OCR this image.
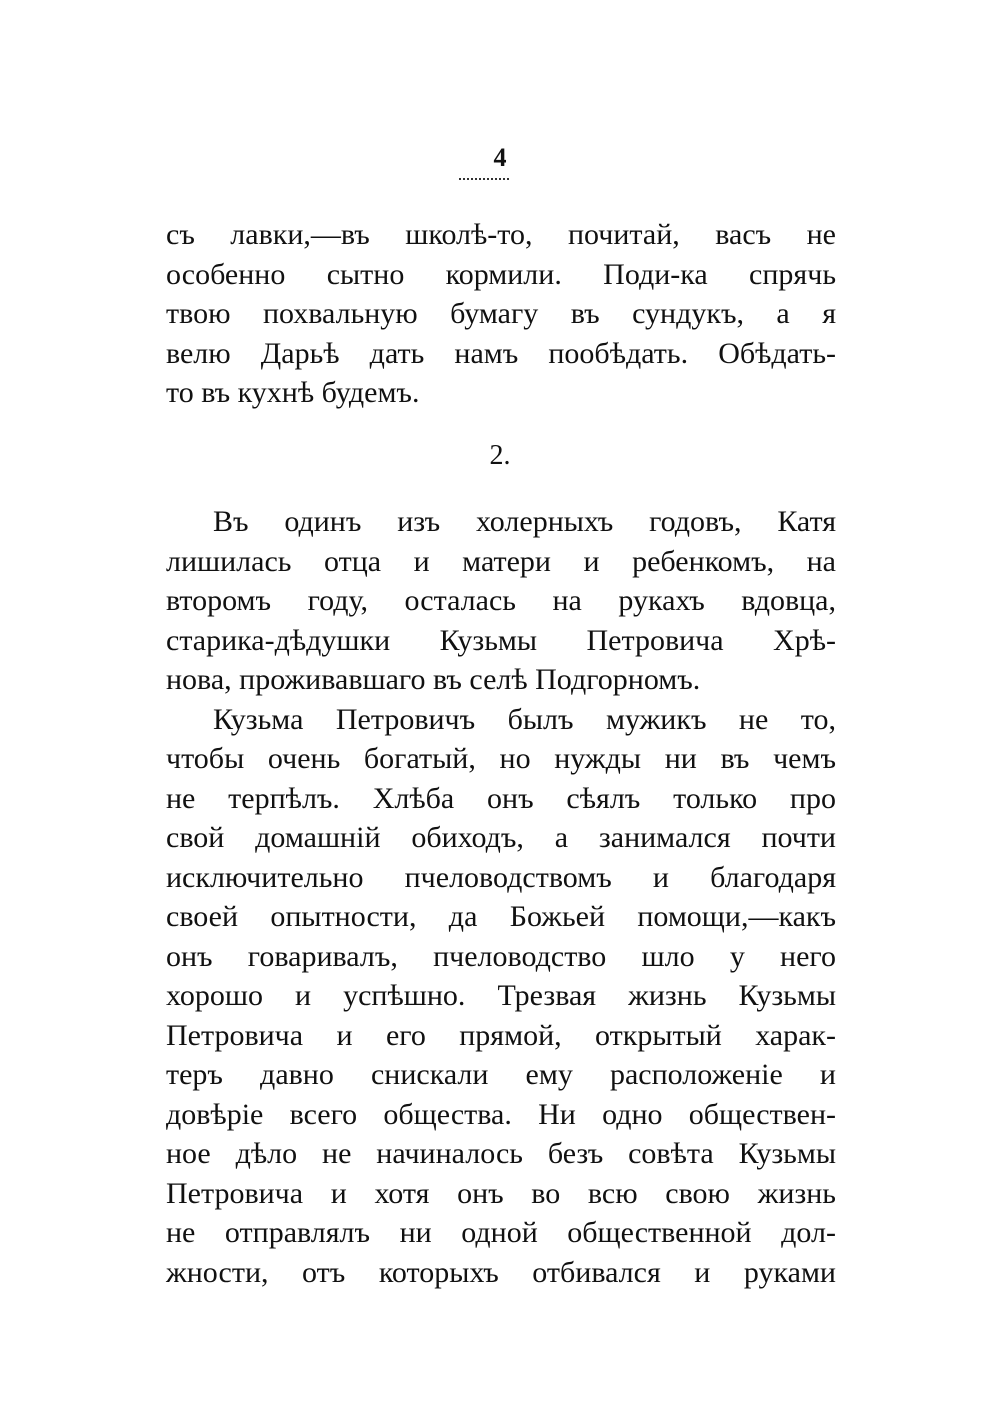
4
съ лавки,—въ школѣ-то, почитай, васъ не
особенно сытно кормили. Поди-ка спрячь
твою похвальную бумагу въ сундукъ, а я
велю Дарьѣ дать намъ пообѣдать. Обѣдать-
то въ кухнѣ будемъ.
2.
Въ одинъ изъ холерныхъ годовъ, Катя
лишилась отца и матери и ребенкомъ, на
второмъ году, осталась на рукахъ вдовца,
старика-дѣдушки Кузьмы Петровича Хрѣ-
нова, проживавшаго въ селѣ Подгорномъ.
Кузьма Петровичъ былъ мужикъ не то,
чтобы очень богатый, но нужды ни въ чемъ
не терпѣлъ. Хлѣба онъ сѣялъ только про
свой домашній обиходъ, а занимался почти
исключительно пчеловодствомъ и благодаря
своей опытности, да Божьей помощи,—какъ
онъ говаривалъ, пчеловодство шло у него
хорошо и успѣшно. Трезвая жизнь Кузьмы
Петровича и его прямой, открытый харак-
теръ давно снискали ему расположеніе и
довѣріе всего общества. Ни одно обществен-
ное дѣло не начиналось безъ совѣта Кузьмы
Петровича и хотя онъ во всю свою жизнь
не отправлялъ ни одной общественной дол-
жности, отъ которыхъ отбивался и руками
